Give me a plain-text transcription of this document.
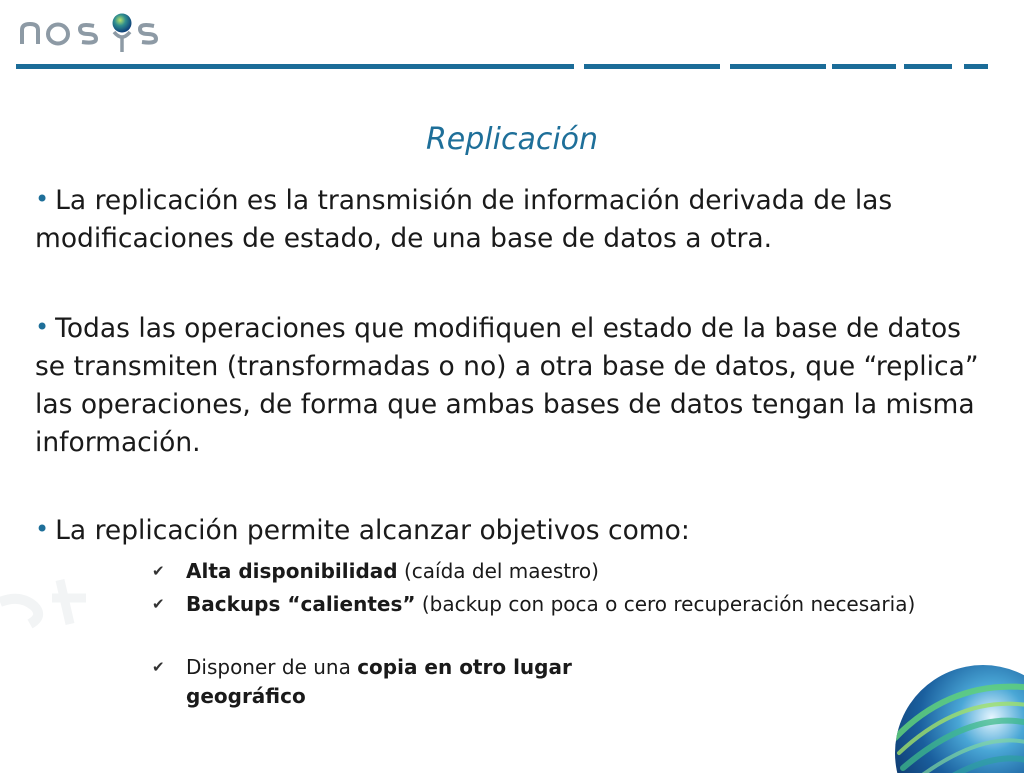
Replicación

• La replicación es la transmisión de información derivada de las modificaciones de estado, de una base de datos a otra.

• Todas las operaciones que modifiquen el estado de la base de datos se transmiten (transformadas o no) a otra base de datos, que “replica” las operaciones, de forma que ambas bases de datos tengan la misma información.

• La replicación permite alcanzar objetivos como:

✔ Alta disponibilidad (caída del maestro)

✔ Backups “calientes” (backup con poca o cero recuperación necesaria)

✔ Disponer de una copia en otro lugar geográfico
